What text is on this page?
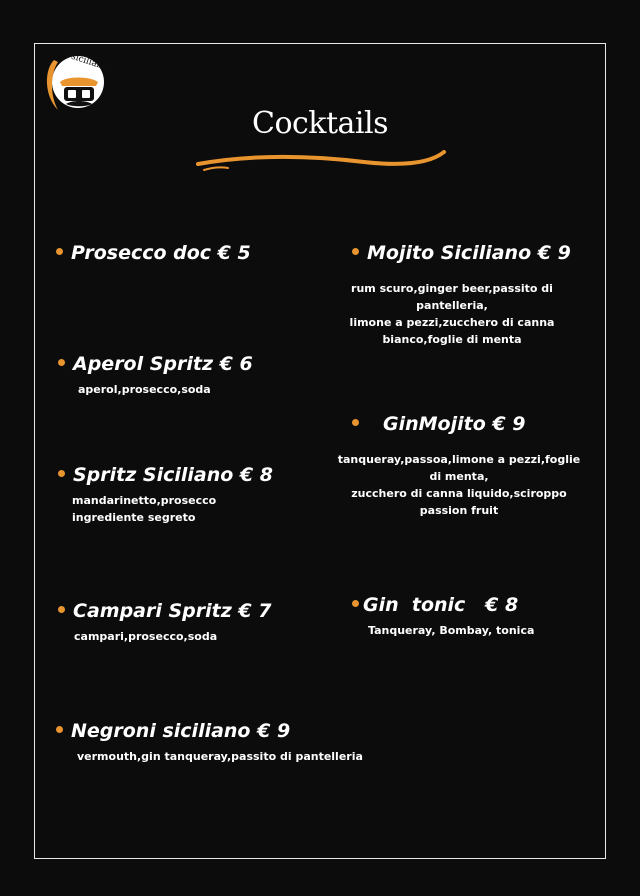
il siciliano
Cocktails
Prosecco doc € 5
Aperol Spritz € 6
aperol,prosecco,soda
Spritz Siciliano € 8
mandarinetto,prosecco
ingrediente segreto
Campari Spritz € 7
campari,prosecco,soda
Negroni siciliano € 9
vermouth,gin tanqueray,passito di pantelleria
Mojito Siciliano € 9
rum scuro,ginger beer,passito di
pantelleria,
limone a pezzi,zucchero di canna
bianco,foglie di menta
GinMojito € 9
tanqueray,passoa,limone a pezzi,foglie
di menta,
zucchero di canna liquido,sciroppo
passion fruit
Gin  tonic   € 8
Tanqueray, Bombay, tonica
